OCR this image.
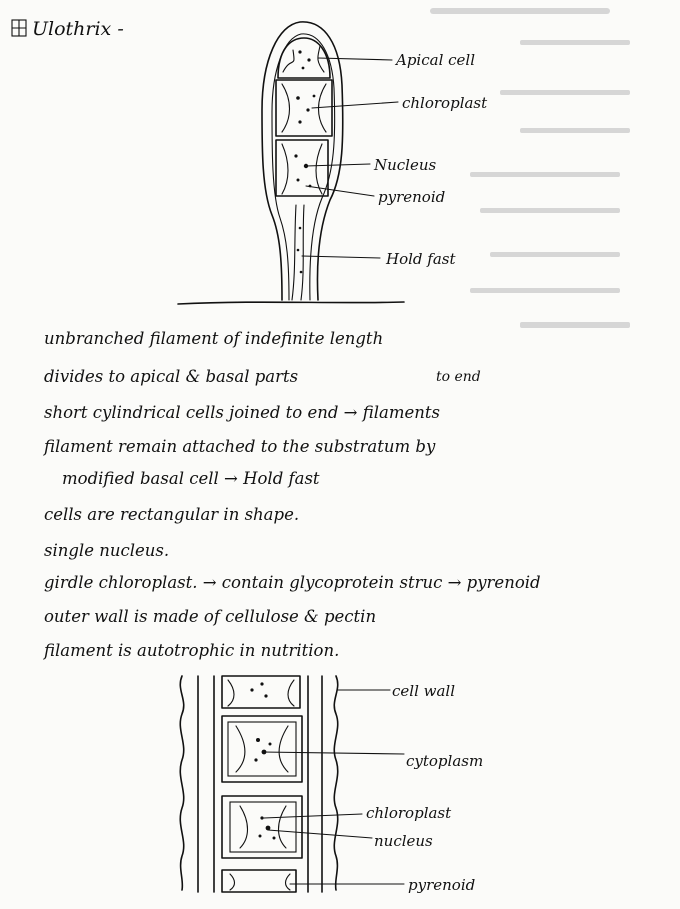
Ulothrix -
Apical cell
chloroplast
Nucleus
pyrenoid
Hold fast
unbranched filament of indefinite length
divides to apical & basal parts	to end
short cylindrical cells joined to end → filaments
filament remain attached to the substratum by
modified basal cell → Hold fast
cells are rectangular in shape.
single nucleus.
girdle chloroplast. → contain glycoprotein struc → pyrenoid
outer wall is made of cellulose & pectin
filament is autotrophic in nutrition.
cell wall
cytoplasm
chloroplast
nucleus
pyrenoid
